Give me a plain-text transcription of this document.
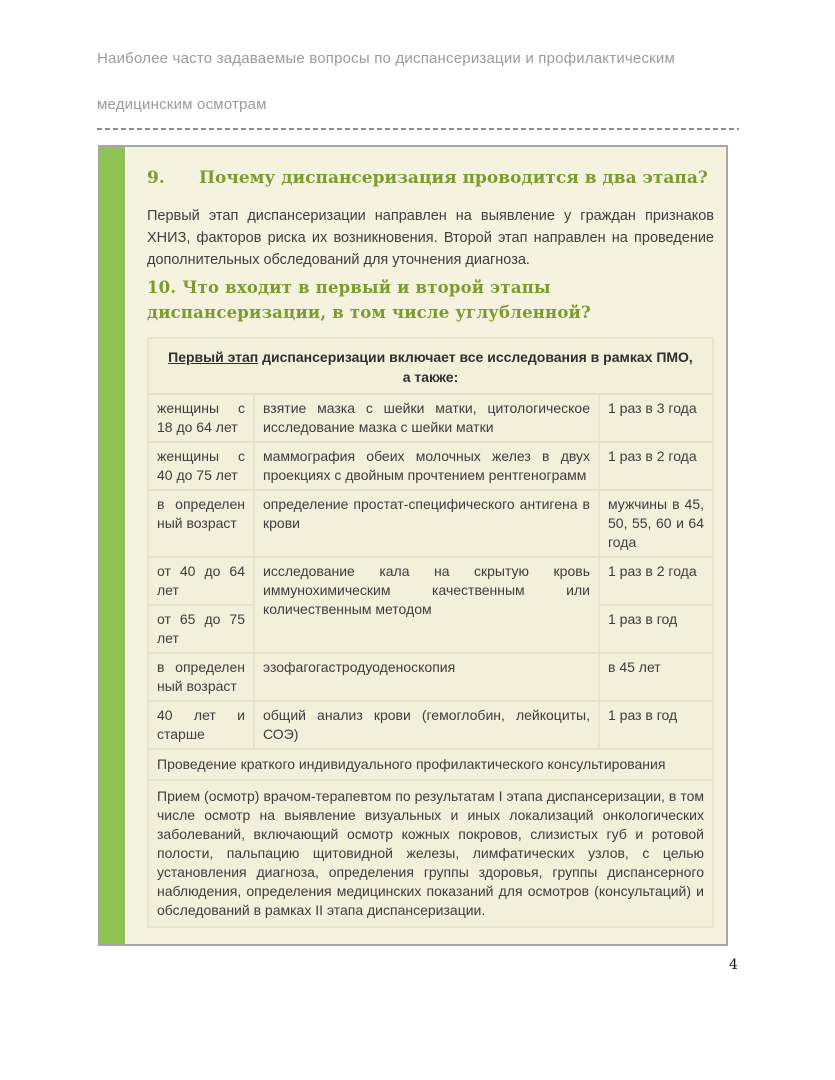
Наиболее часто задаваемые вопросы по диспансеризации и профилактическим медицинским осмотрам
9. Почему диспансеризация проводится в два этапа?

Первый этап диспансеризации направлен на выявление у граждан признаков ХНИЗ, факторов риска их возникновения. Второй этап направлен на проведение дополнительных обследований для уточнения диагноза.

10. Что входит в первый и второй этапы диспансеризации, в том числе углубленной?
Первый этап диспансеризации включает все исследования в рамках ПМО, а также:		
женщины с 18 до 64 лет	взятие мазка с шейки матки, цитологическое исследование мазка с шейки матки	1 раз в 3 года
женщины с 40 до 75 лет	маммография обеих молочных желез в двух проекциях с двойным прочтением рентгенограмм	1 раз в 2 года
в определенный возраст	определение простат-специфического антигена в крови	мужчины в 45, 50, 55, 60 и 64 года
от 40 до 64 лет	исследование кала на скрытую кровь иммунохимическим качественным или количественным методом	1 раз в 2 года
от 65 до 75 лет		1 раз в год
в определенный возраст	эзофагогастродуоденоскопия	в 45 лет
40 лет и старше	общий анализ крови (гемоглобин, лейкоциты, СОЭ)	1 раз в год
Проведение краткого индивидуального профилактического консультирования		
Прием (осмотр) врачом-терапевтом по результатам I этапа диспансеризации, в том числе осмотр на выявление визуальных и иных локализаций онкологических заболеваний, включающий осмотр кожных покровов, слизистых губ и ротовой полости, пальпацию щитовидной железы, лимфатических узлов, с целью установления диагноза, определения группы здоровья, группы диспансерного наблюдения, определения медицинских показаний для осмотров (консультаций) и обследований в рамках II этапа диспансеризации.		
4
